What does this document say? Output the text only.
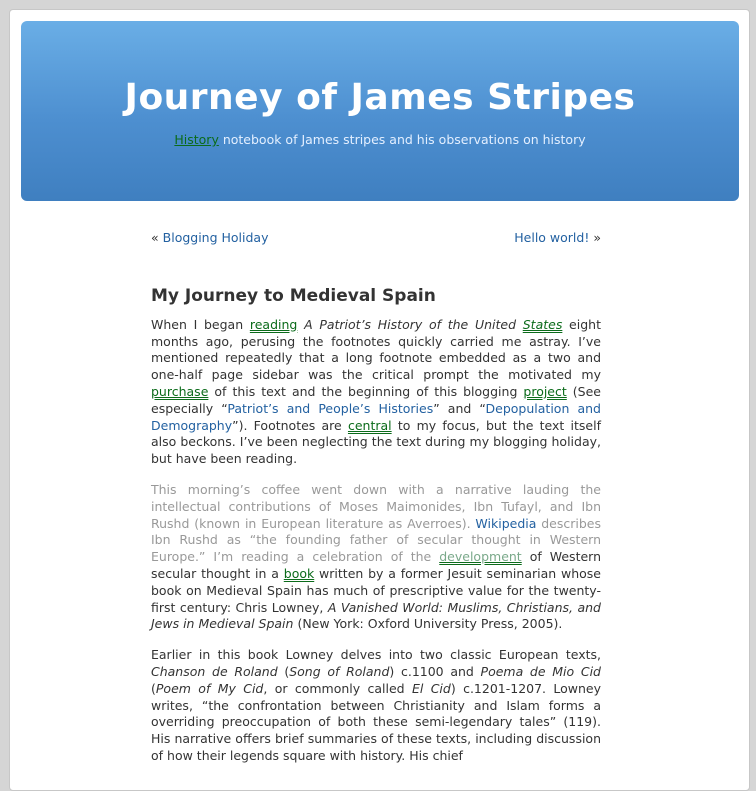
Journey of James Stripes
History notebook of James stripes and his observations on history
« Blogging Holiday	Hello world! »
My Journey to Medieval Spain

When I began reading A Patriot’s History of the United States eight months ago, perusing the footnotes quickly carried me astray. I’ve mentioned repeatedly that a long footnote embedded as a two and one-half page sidebar was the critical prompt the motivated my purchase of this text and the beginning of this blogging project (See especially “Patriot’s and People’s Histories” and “Depopulation and Demography”). Footnotes are central to my focus, but the text itself also beckons. I’ve been neglecting the text during my blogging holiday, but have been reading.

This morning’s coffee went down with a narrative lauding the intellectual contributions of Moses Maimonides, Ibn Tufayl, and Ibn Rushd (known in European literature as Averroes). Wikipedia describes Ibn Rushd as “the founding father of secular thought in Western Europe.” I’m reading a celebration of the development of Western secular thought in a book written by a former Jesuit seminarian whose book on Medieval Spain has much of prescriptive value for the twenty-first century: Chris Lowney, A Vanished World: Muslims, Christians, and Jews in Medieval Spain (New York: Oxford University Press, 2005).

Earlier in this book Lowney delves into two classic European texts, Chanson de Roland (Song of Roland) c.1100 and Poema de Mio Cid (Poem of My Cid, or commonly called El Cid) c.1201-1207. Lowney writes, “the confrontation between Christianity and Islam forms a overriding preoccupation of both these semi-legendary tales” (119). His narrative offers brief summaries of these texts, including discussion of how their legends square with history. His chief
